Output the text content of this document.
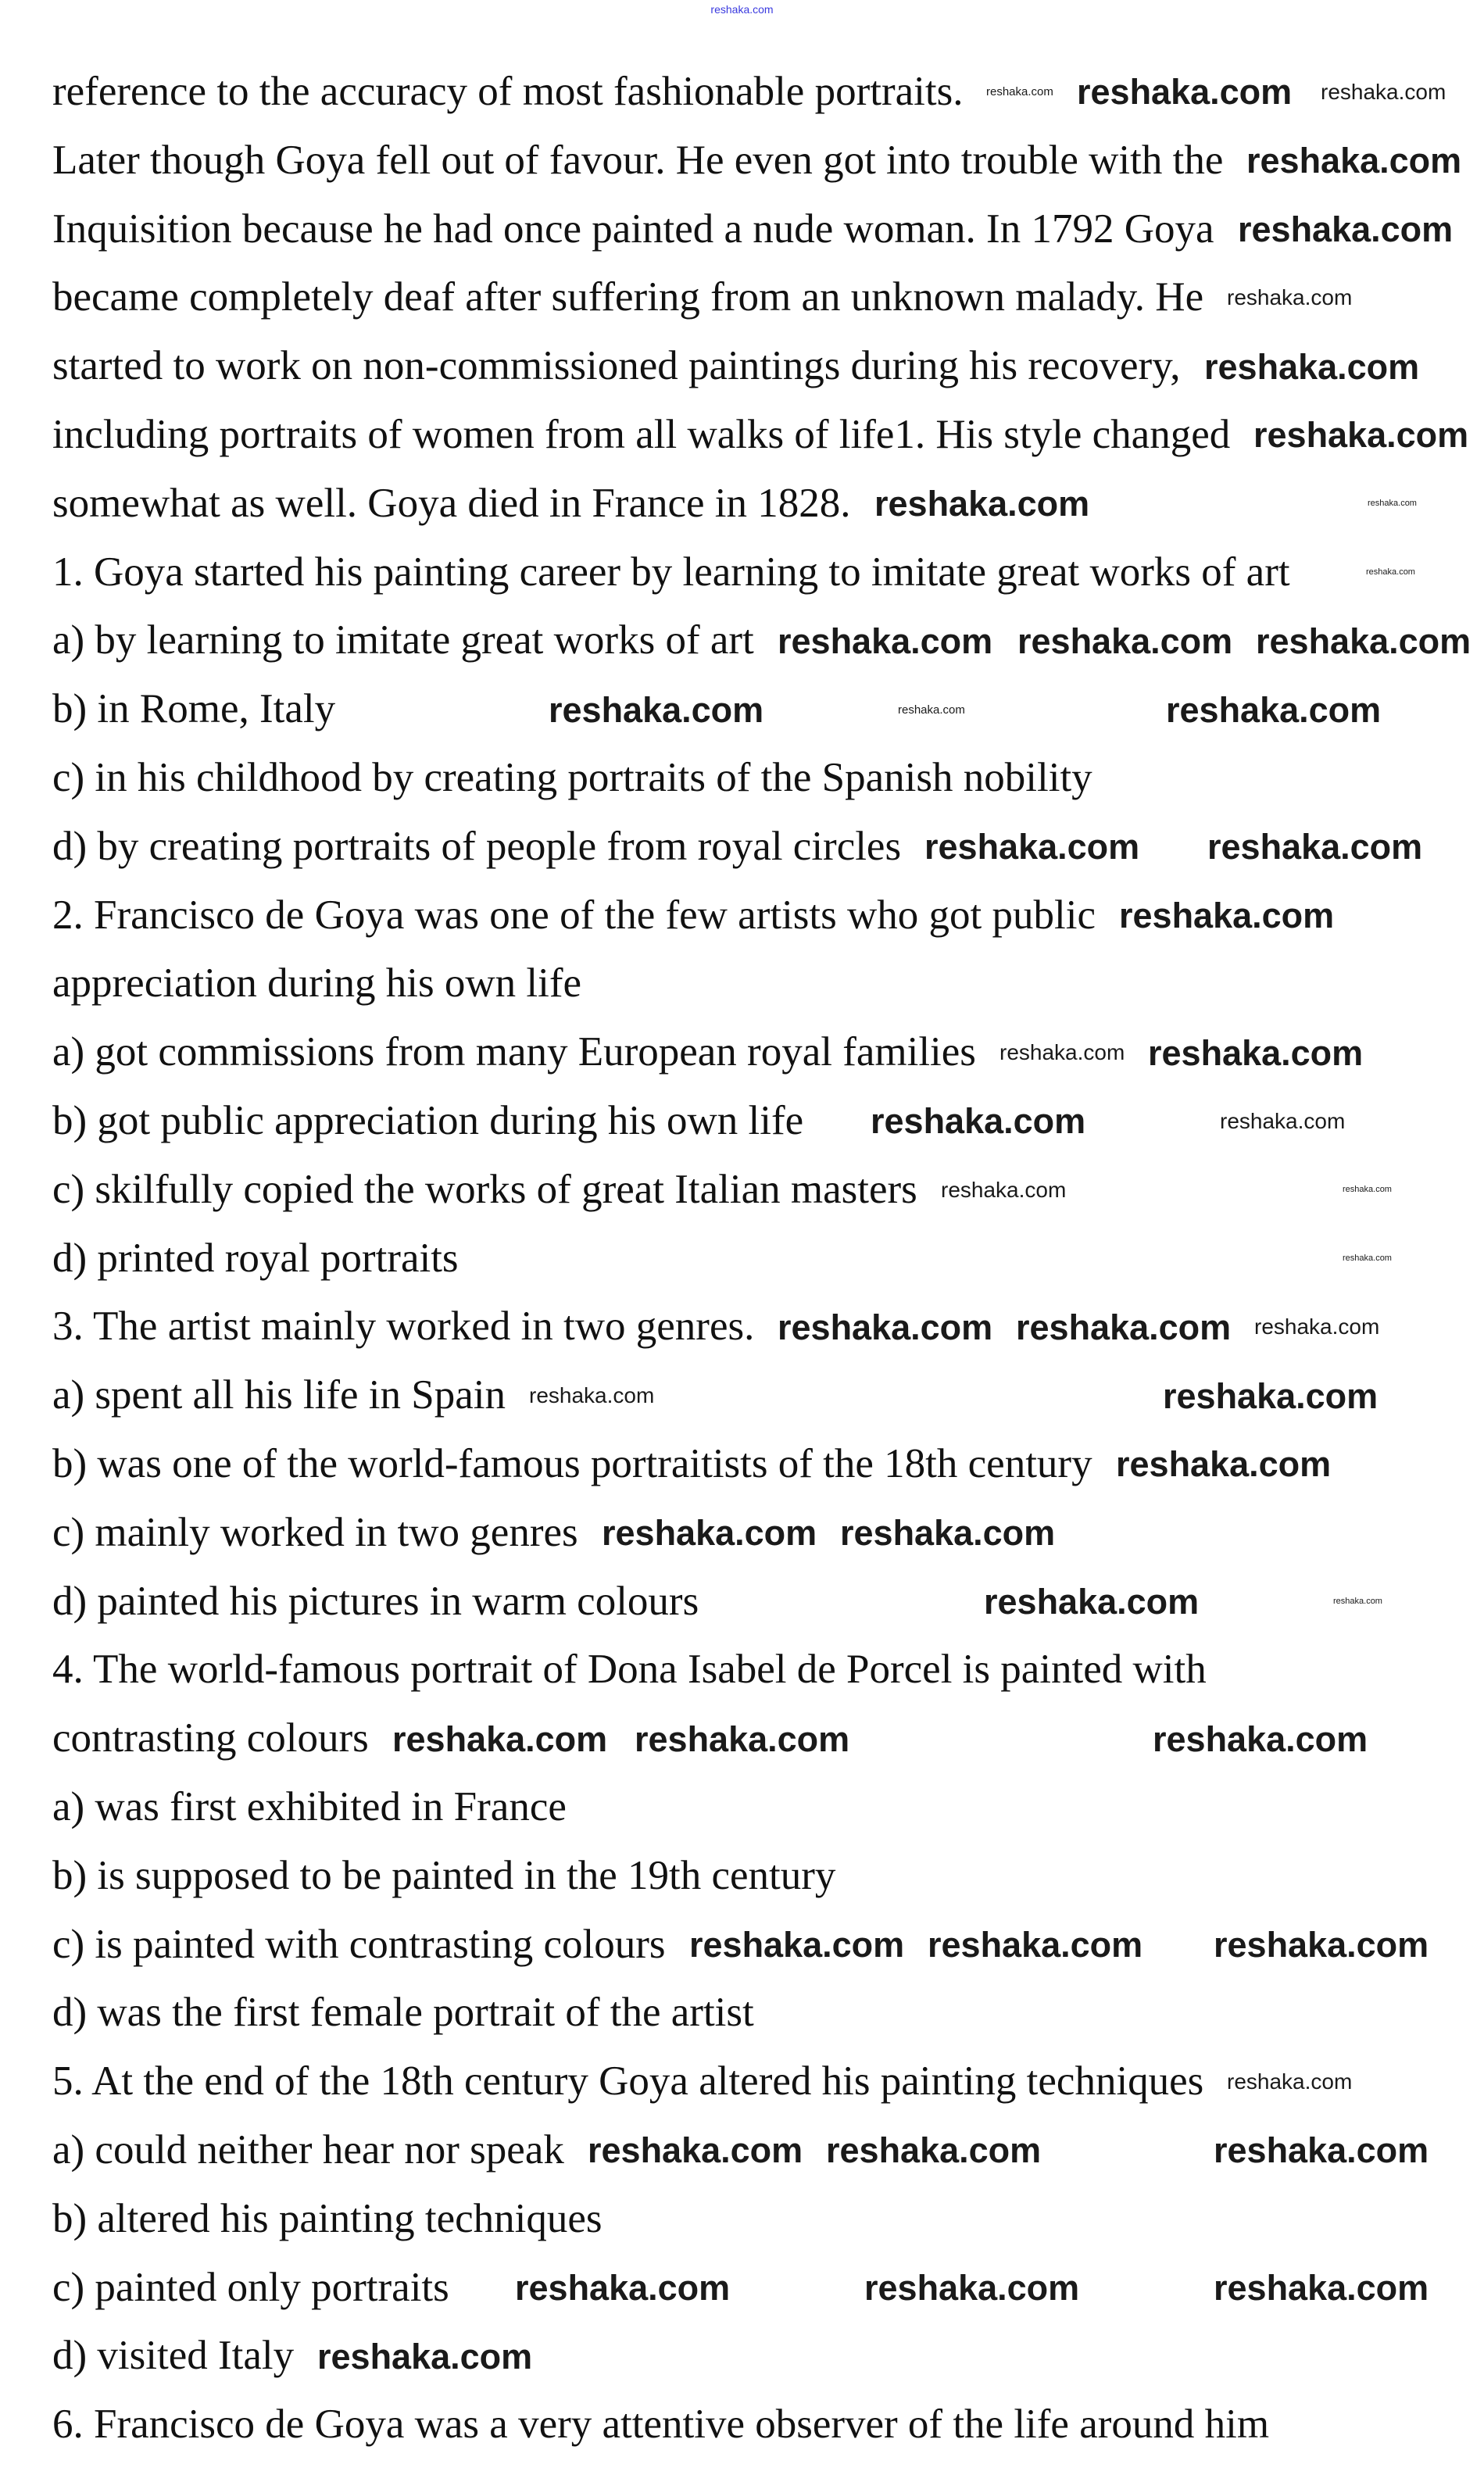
reshaka.com
reference to the accuracy of most fashionable portraits.
Later though Goya fell out of favour. He even got into trouble with the
Inquisition because he had once painted a nude woman. In 1792 Goya
became completely deaf after suffering from an unknown malady. He
started to work on non-commissioned paintings during his recovery,
including portraits of women from all walks of life1. His style changed
somewhat as well. Goya died in France in 1828.
1. Goya started his painting career by learning to imitate great works of art
a) by learning to imitate great works of art
b) in Rome, Italy
c) in his childhood by creating portraits of the Spanish nobility
d) by creating portraits of people from royal circles
2. Francisco de Goya was one of the few artists who got public
appreciation during his own life
a) got commissions from many European royal families
b) got public appreciation during his own life
c) skilfully copied the works of great Italian masters
d) printed royal portraits
3. The artist mainly worked in two genres.
a) spent all his life in Spain
b) was one of the world-famous portraitists of the 18th century
c) mainly worked in two genres
d) painted his pictures in warm colours
4. The world-famous portrait of Dona Isabel de Porcel is painted with
contrasting colours
a) was first exhibited in France
b) is supposed to be painted in the 19th century
c) is painted with contrasting colours
d) was the first female portrait of the artist
5. At the end of the 18th century Goya altered his painting techniques
a) could neither hear nor speak
b) altered his painting techniques
c) painted only portraits
d) visited Italy
6. Francisco de Goya was a very attentive observer of the life around him
reshaka.com
reshaka.com reshaka.com
reshaka.com
reshaka.com
reshaka.com
reshaka.com
reshaka.com
reshaka.com	reshaka.com
reshaka.com reshaka.com
reshaka.com
reshaka.com
reshaka.com	reshaka.com	reshaka.com
reshaka.com
reshaka.com
reshaka.com
reshaka.com reshaka.com
reshaka.com	reshaka.com
reshaka.com	reshaka.com
reshaka.com
reshaka.com reshaka.com reshaka.com
reshaka.com
reshaka.com
reshaka.com
reshaka.com reshaka.com
reshaka.com	reshaka.com
reshaka.com reshaka.com	reshaka.com
reshaka.com reshaka.com reshaka.com
reshaka.com
reshaka.com reshaka.com	reshaka.com
reshaka.com	reshaka.com	reshaka.com
reshaka.com
